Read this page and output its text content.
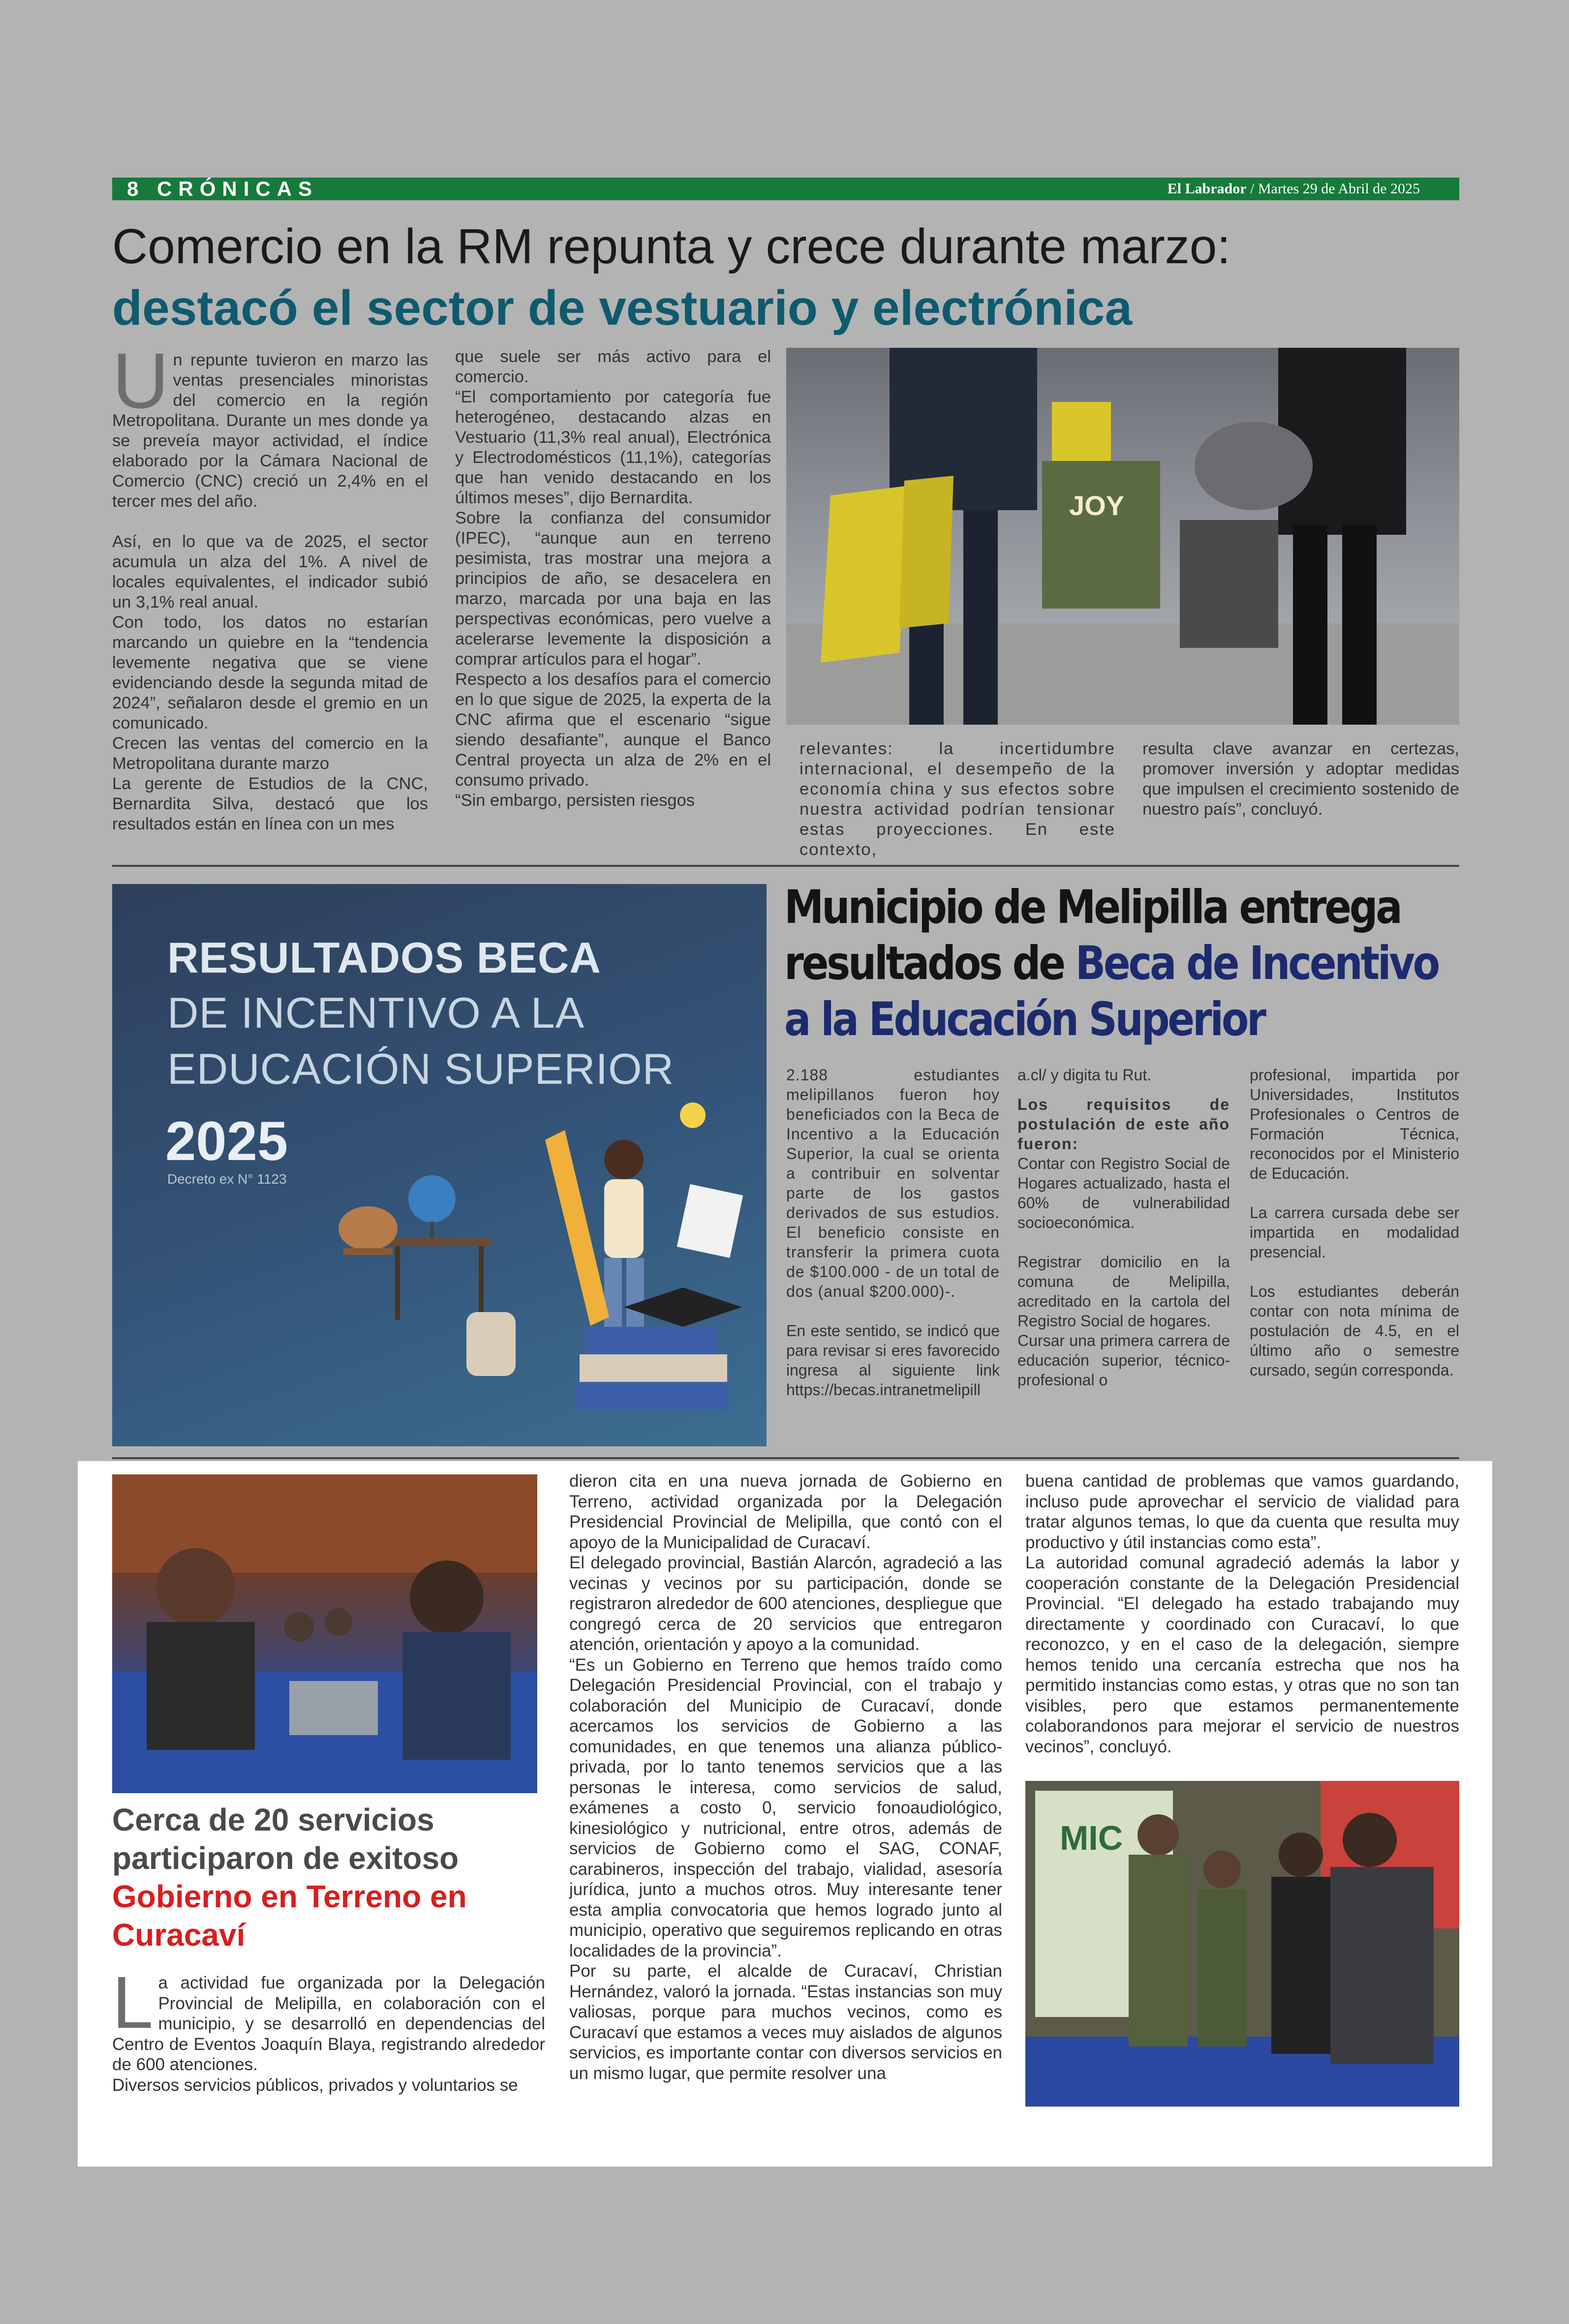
8 CRÓNICAS	El Labrador / Martes 29 de Abril de 2025
Comercio en la RM repunta y crece durante marzo:
destacó el sector de vestuario y electrónica
U n repunte tuvieron en marzo las ventas presenciales minoristas del comercio en la región Metropolitana. Durante un mes donde ya se preveía mayor actividad, el índice elaborado por la Cámara Nacional de Comercio (CNC) creció un 2,4% en el tercer mes del año.

Así, en lo que va de 2025, el sector acumula un alza del 1%. A nivel de locales equivalentes, el indicador subió un 3,1% real anual.

Con todo, los datos no estarían marcando un quiebre en la “tendencia levemente negativa que se viene evidenciando desde la segunda mitad de 2024”, señalaron desde el gremio en un comunicado.

Crecen las ventas del comercio en la Metropolitana durante marzo

La gerente de Estudios de la CNC, Bernardita Silva, destacó que los resultados están en línea con un mes

que suele ser más activo para el comercio.

“El comportamiento por categoría fue heterogéneo, destacando alzas en Vestuario (11,3% real anual), Electrónica y Electrodomésticos (11,1%), categorías que han venido destacando en los últimos meses”, dijo Bernardita.

Sobre la confianza del consumidor (IPEC), “aunque aun en terreno pesimista, tras mostrar una mejora a principios de año, se desacelera en marzo, marcada por una baja en las perspectivas económicas, pero vuelve a acelerarse levemente la disposición a comprar artículos para el hogar”.

Respecto a los desafíos para el comercio en lo que sigue de 2025, la experta de la CNC afirma que el escenario “sigue siendo desafiante”, aunque el Banco Central proyecta un alza de 2% en el consumo privado.

“Sin embargo, persisten riesgos

JOY
relevantes: la incertidumbre internacional, el desempeño de la economía china y sus efectos sobre nuestra actividad podrían tensionar estas proyecciones. En este contexto,
resulta clave avanzar en certezas, promover inversión y adoptar medidas que impulsen el crecimiento sostenido de nuestro país”, concluyó.
RESULTADOS BECA
DE INCENTIVO A LA
EDUCACIÓN SUPERIOR
2025
Decreto ex N° 1123
Municipio de Melipilla entrega resultados de Beca de Incentivo a la Educación Superior

2.188 estudiantes melipillanos fueron hoy beneficiados con la Beca de Incentivo a la Educación Superior, la cual se orienta a contribuir en solventar parte de los gastos derivados de sus estudios. El beneficio consiste en transferir la primera cuota de $100.000 - de un total de dos (anual $200.000)-.

En este sentido, se indicó que para revisar si eres favorecido ingresa al siguiente link https://becas.intranetmelipill

a.cl/ y digita tu Rut.

Los requisitos de postulación de este año fueron:

Contar con Registro Social de Hogares actualizado, hasta el 60% de vulnerabilidad socioeconómica.

Registrar domicilio en la comuna de Melipilla, acreditado en la cartola del Registro Social de hogares.

Cursar una primera carrera de educación superior, técnico-profesional o

profesional, impartida por Universidades, Institutos Profesionales o Centros de Formación Técnica, reconocidos por el Ministerio de Educación.

La carrera cursada debe ser impartida en modalidad presencial.

Los estudiantes deberán contar con nota mínima de postulación de 4.5, en el último año o semestre cursado, según corresponda.

Cerca de 20 servicios participaron de exitoso Gobierno en Terreno en Curacaví
L a actividad fue organizada por la Delegación Provincial de Melipilla, en colaboración con el municipio, y se desarrolló en dependencias del Centro de Eventos Joaquín Blaya, registrando alrededor de 600 atenciones.

Diversos servicios públicos, privados y voluntarios se

dieron cita en una nueva jornada de Gobierno en Terreno, actividad organizada por la Delegación Presidencial Provincial de Melipilla, que contó con el apoyo de la Municipalidad de Curacaví.

El delegado provincial, Bastián Alarcón, agradeció a las vecinas y vecinos por su participación, donde se registraron alrededor de 600 atenciones, despliegue que congregó cerca de 20 servicios que entregaron atención, orientación y apoyo a la comunidad.

“Es un Gobierno en Terreno que hemos traído como Delegación Presidencial Provincial, con el trabajo y colaboración del Municipio de Curacaví, donde acercamos los servicios de Gobierno a las comunidades, en que tenemos una alianza público-privada, por lo tanto tenemos servicios que a las personas le interesa, como servicios de salud, exámenes a costo 0, servicio fonoaudiológico, kinesiológico y nutricional, entre otros, además de servicios de Gobierno como el SAG, CONAF, carabineros, inspección del trabajo, vialidad, asesoría jurídica, junto a muchos otros. Muy interesante tener esta amplia convocatoria que hemos logrado junto al municipio, operativo que seguiremos replicando en otras localidades de la provincia”.

Por su parte, el alcalde de Curacaví, Christian Hernández, valoró la jornada. “Estas instancias son muy valiosas, porque para muchos vecinos, como es Curacaví que estamos a veces muy aislados de algunos servicios, es importante contar con diversos servicios en un mismo lugar, que permite resolver una

buena cantidad de problemas que vamos guardando, incluso pude aprovechar el servicio de vialidad para tratar algunos temas, lo que da cuenta que resulta muy productivo y útil instancias como esta”.

La autoridad comunal agradeció además la labor y cooperación constante de la Delegación Presidencial Provincial. “El delegado ha estado trabajando muy directamente y coordinado con Curacaví, lo que reconozco, y en el caso de la delegación, siempre hemos tenido una cercanía estrecha que nos ha permitido instancias como estas, y otras que no son tan visibles, pero que estamos permanentemente colaborandonos para mejorar el servicio de nuestros vecinos”, concluyó.

MIC
